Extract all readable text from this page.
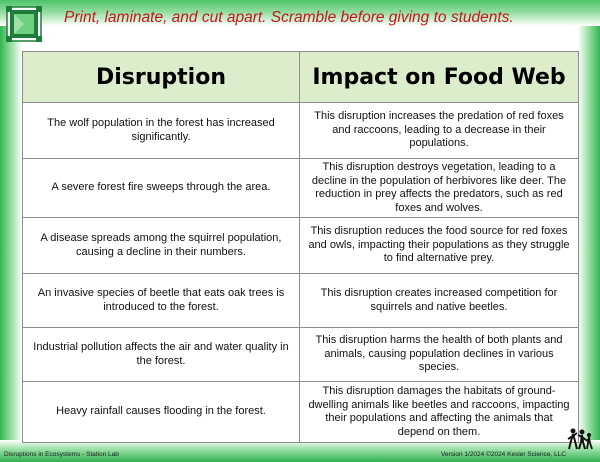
Print, laminate, and cut apart. Scramble before giving to students.
Disruption	Impact on Food Web
The wolf population in the forest has increased significantly.	This disruption increases the predation of red foxes and raccoons, leading to a decrease in their populations.
A severe forest fire sweeps through the area.	This disruption destroys vegetation, leading to a decline in the population of herbivores like deer. The reduction in prey affects the predators, such as red foxes and wolves.
A disease spreads among the squirrel population, causing a decline in their numbers.	This disruption reduces the food source for red foxes and owls, impacting their populations as they struggle to find alternative prey.
An invasive species of beetle that eats oak trees is introduced to the forest.	This disruption creates increased competition for squirrels and native beetles.
Industrial pollution affects the air and water quality in the forest.	This disruption harms the health of both plants and animals, causing population declines in various species.
Heavy rainfall causes flooding in the forest.	This disruption damages the habitats of ground-dwelling animals like beetles and raccoons, impacting their populations and affecting the animals that depend on them.
Disruptions in Ecosystems - Station Lab	Version 1/2024 ©2024 Kesler Science, LLC
